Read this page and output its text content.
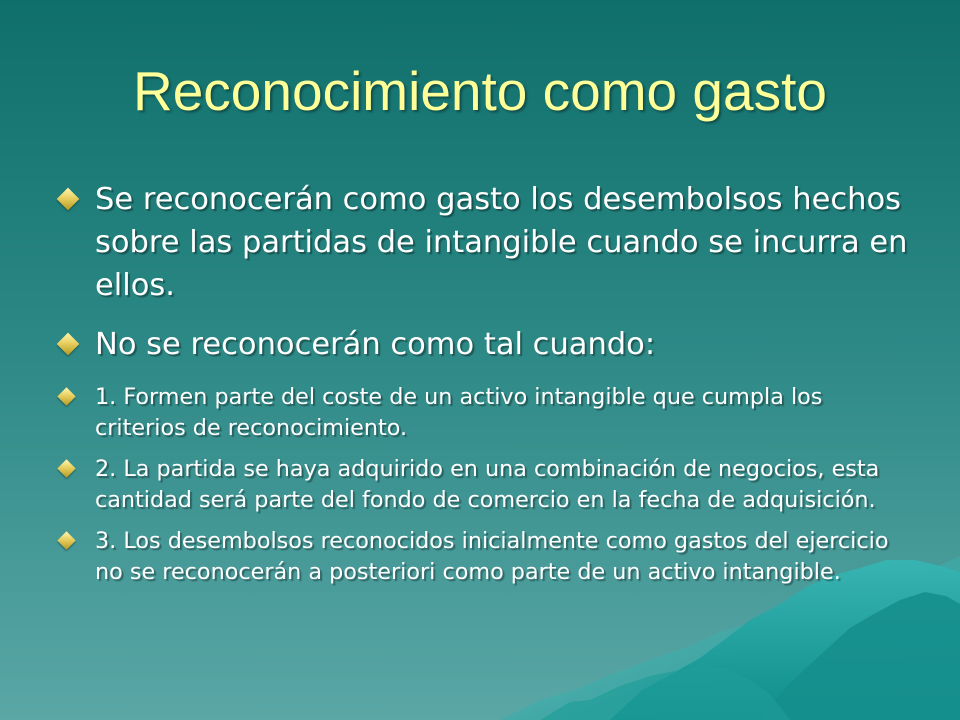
Reconocimiento como gasto
Se reconocerán como gasto los desembolsos hechos sobre las partidas de intangible cuando se incurra en ellos.
No se reconocerán como tal cuando:
1. Formen parte del coste de un activo intangible que cumpla los criterios de reconocimiento.
2. La partida se haya adquirido en una combinación de negocios, esta cantidad será parte del fondo de comercio en la fecha de adquisición.
3. Los desembolsos reconocidos inicialmente como gastos del ejercicio no se reconocerán a posteriori como parte de un activo intangible.
